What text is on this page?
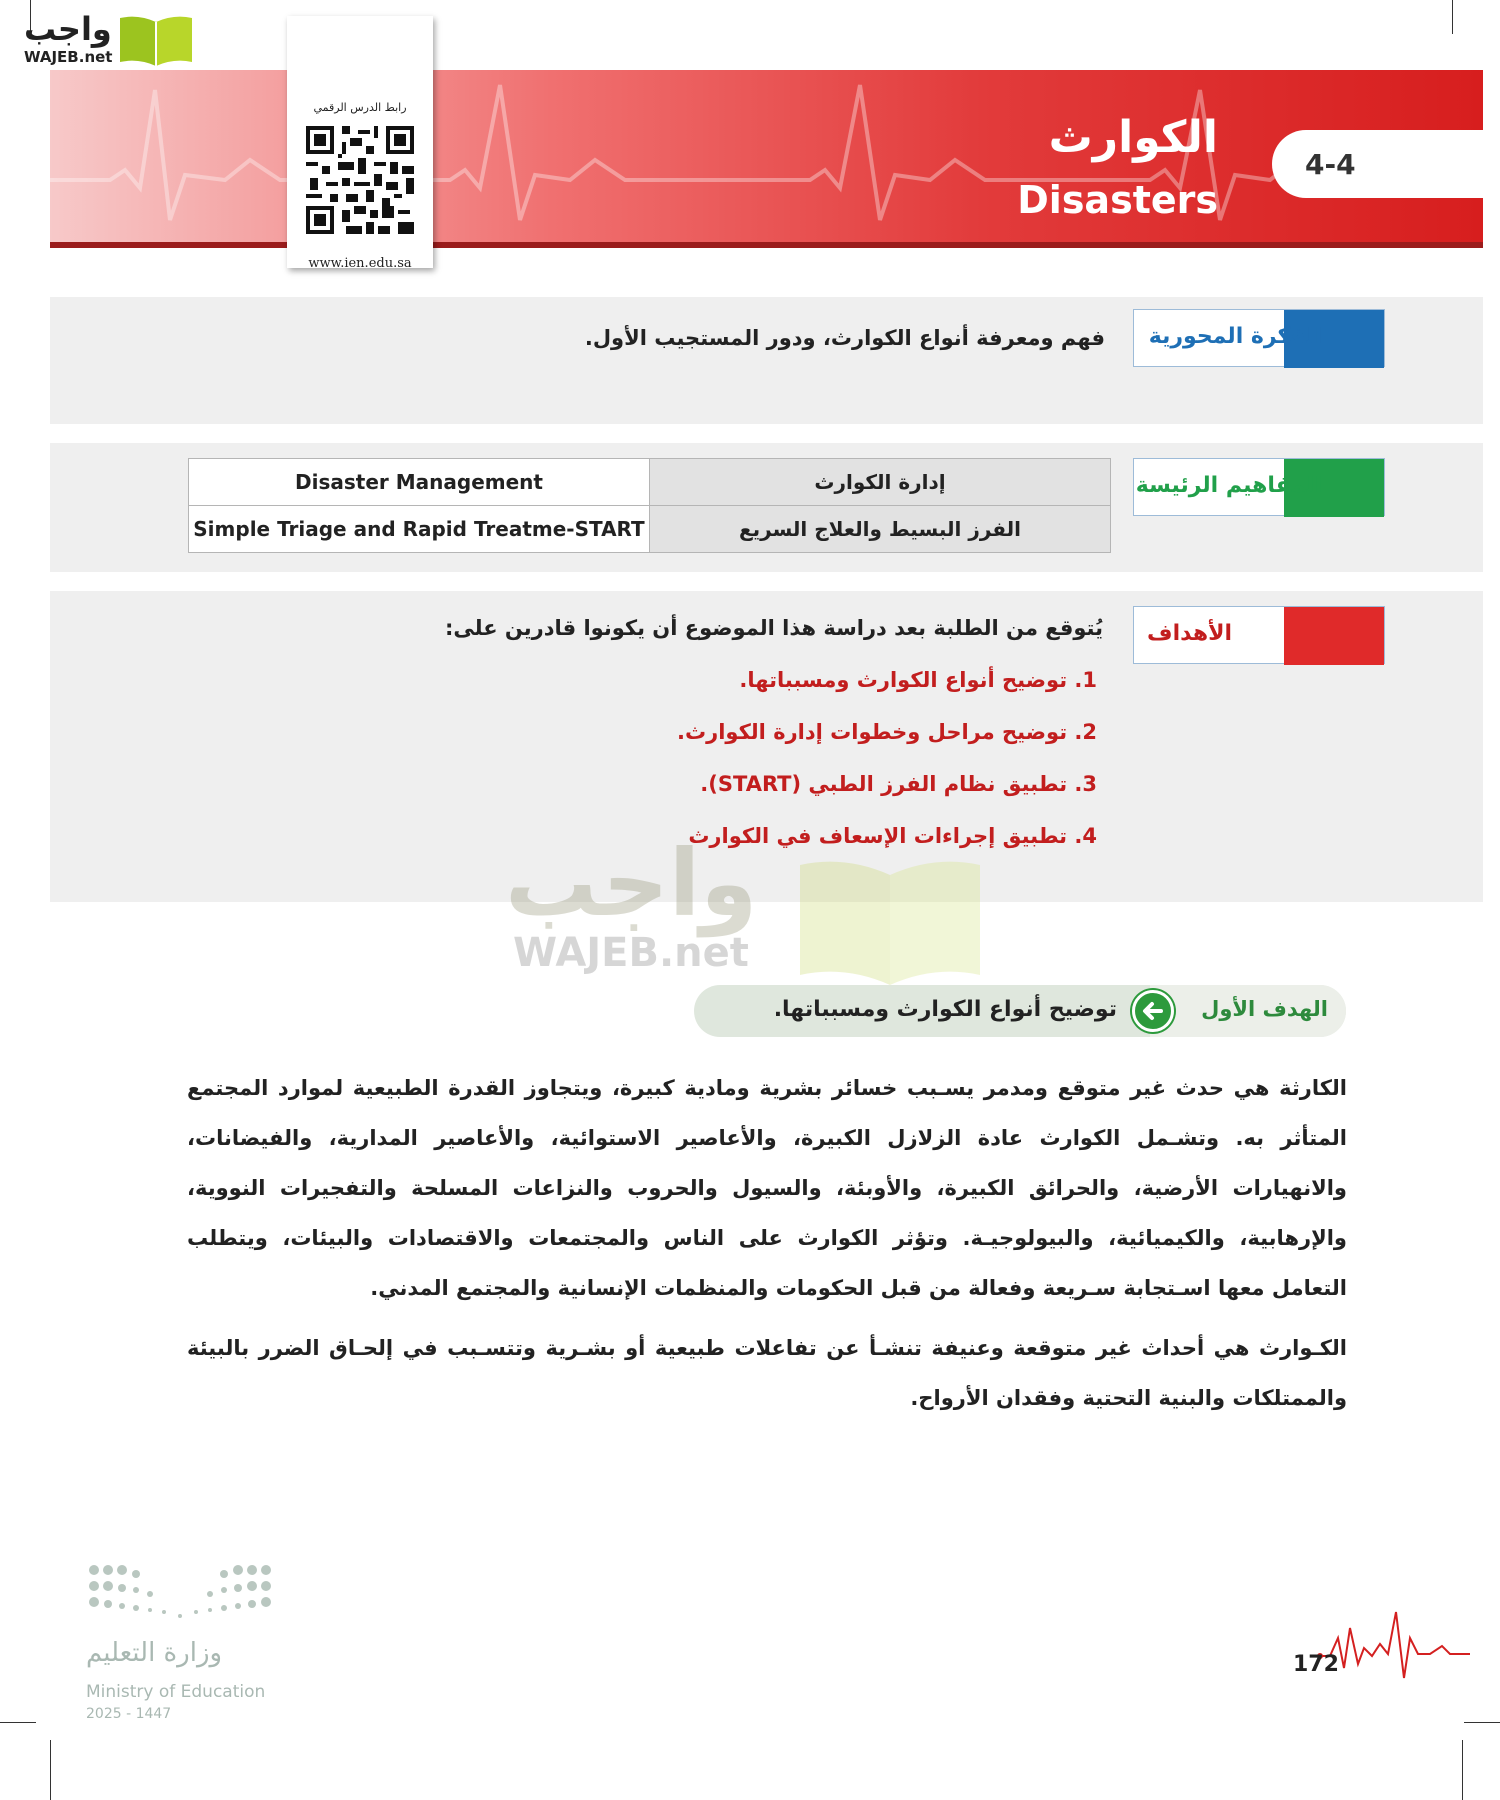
الكوارث
Disasters
4-4
رابط الدرس الرقمي
www.ien.edu.sa
واجب
WAJEB.net
الفكرة المحورية
فهم ومعرفة أنواع الكوارث، ودور المستجيب الأول.
المفاهيم الرئيسة
Disaster Management	إدارة الكوارث
Simple Triage and Rapid Treatme-START	الفرز البسيط والعلاج السريع
الأهداف
يُتوقع من الطلبة بعد دراسة هذا الموضوع أن يكونوا قادرين على:
1. توضيح أنواع الكوارث ومسبباتها.
2. توضيح مراحل وخطوات إدارة الكوارث.
3. تطبيق نظام الفرز الطبي (START).
4. تطبيق إجراءات الإسعاف في الكوارث
واجب
WAJEB.net
الهدف الأول
توضيح أنواع الكوارث ومسبباتها.
الكارثة هي حدث غير متوقع ومدمر يسـبب خسائر بشرية ومادية كبيرة، ويتجاوز القدرة الطبيعية لموارد المجتمع المتأثر به. وتشـمل الكوارث عادة الزلازل الكبيرة، والأعاصير الاستوائية، والأعاصير المدارية، والفيضانات، والانهيارات الأرضية، والحرائق الكبيرة، والأوبئة، والسيول والحروب والنزاعات المسلحة والتفجيرات النووية، والإرهابية، والكيميائية، والبيولوجيـة. وتؤثر الكوارث على الناس والمجتمعات والاقتصادات والبيئات، ويتطلب التعامل معها اسـتجابة سـريعة وفعالة من قبل الحكومات والمنظمات الإنسانية والمجتمع المدني.
الكـوارث هي أحداث غير متوقعة وعنيفة تنشـأ عن تفاعلات طبيعية أو بشـرية وتتسـبب في إلحـاق الضرر بالبيئة والممتلكات والبنية التحتية وفقدان الأرواح.
وزارة التعليم
Ministry of Education
2025 - 1447
172
